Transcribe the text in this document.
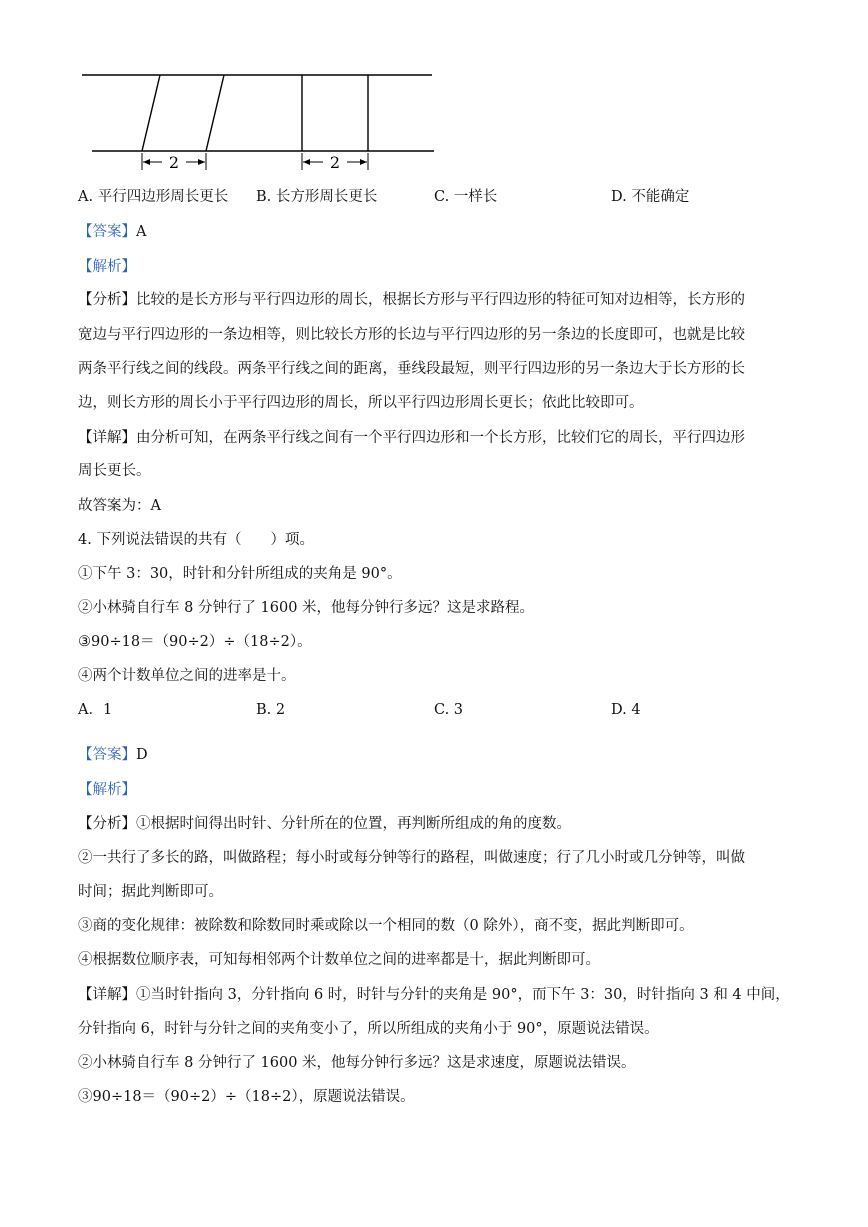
2	2
A. 平行四边形周长更长 B. 长方形周长更长	C. 一样长	D. 不能确定
【答案】A
【解析】
【分析】比较的是长方形与平行四边形的周长，根据长方形与平行四边形的特征可知对边相等，长方形的
宽边与平行四边形的一条边相等，则比较长方形的长边与平行四边形的另一条边的长度即可，也就是比较
两条平行线之间的线段。两条平行线之间的距离，垂线段最短，则平行四边形的另一条边大于长方形的长
边，则长方形的周长小于平行四边形的周长，所以平行四边形周长更长；依此比较即可。
【详解】由分析可知，在两条平行线之间有一个平行四边形和一个长方形，比较们它的周长，平行四边形
周长更长。
故答案为：A
4. 下列说法错误的共有（　　）项。
①下午 3：30，时针和分针所组成的夹角是 90°。
②小林骑自行车 8 分钟行了 1600 米，他每分钟行多远？这是求路程。
③90÷18＝（90÷2）÷（18÷2）。
④两个计数单位之间的进率是十。
A．1	B. 2	C. 3	D. 4
【答案】D
【解析】
【分析】①根据时间得出时针、分针所在的位置，再判断所组成的角的度数。
②一共行了多长的路，叫做路程；每小时或每分钟等行的路程，叫做速度；行了几小时或几分钟等，叫做
时间；据此判断即可。
③商的变化规律：被除数和除数同时乘或除以一个相同的数（0 除外），商不变，据此判断即可。
④根据数位顺序表，可知每相邻两个计数单位之间的进率都是十，据此判断即可。
【详解】①当时针指向 3，分针指向 6 时，时针与分针的夹角是 90°，而下午 3：30，时针指向 3 和 4 中间，
分针指向 6，时针与分针之间的夹角变小了，所以所组成的夹角小于 90°，原题说法错误。
②小林骑自行车 8 分钟行了 1600 米，他每分钟行多远？这是求速度，原题说法错误。
③90÷18＝（90÷2）÷（18÷2），原题说法错误。
